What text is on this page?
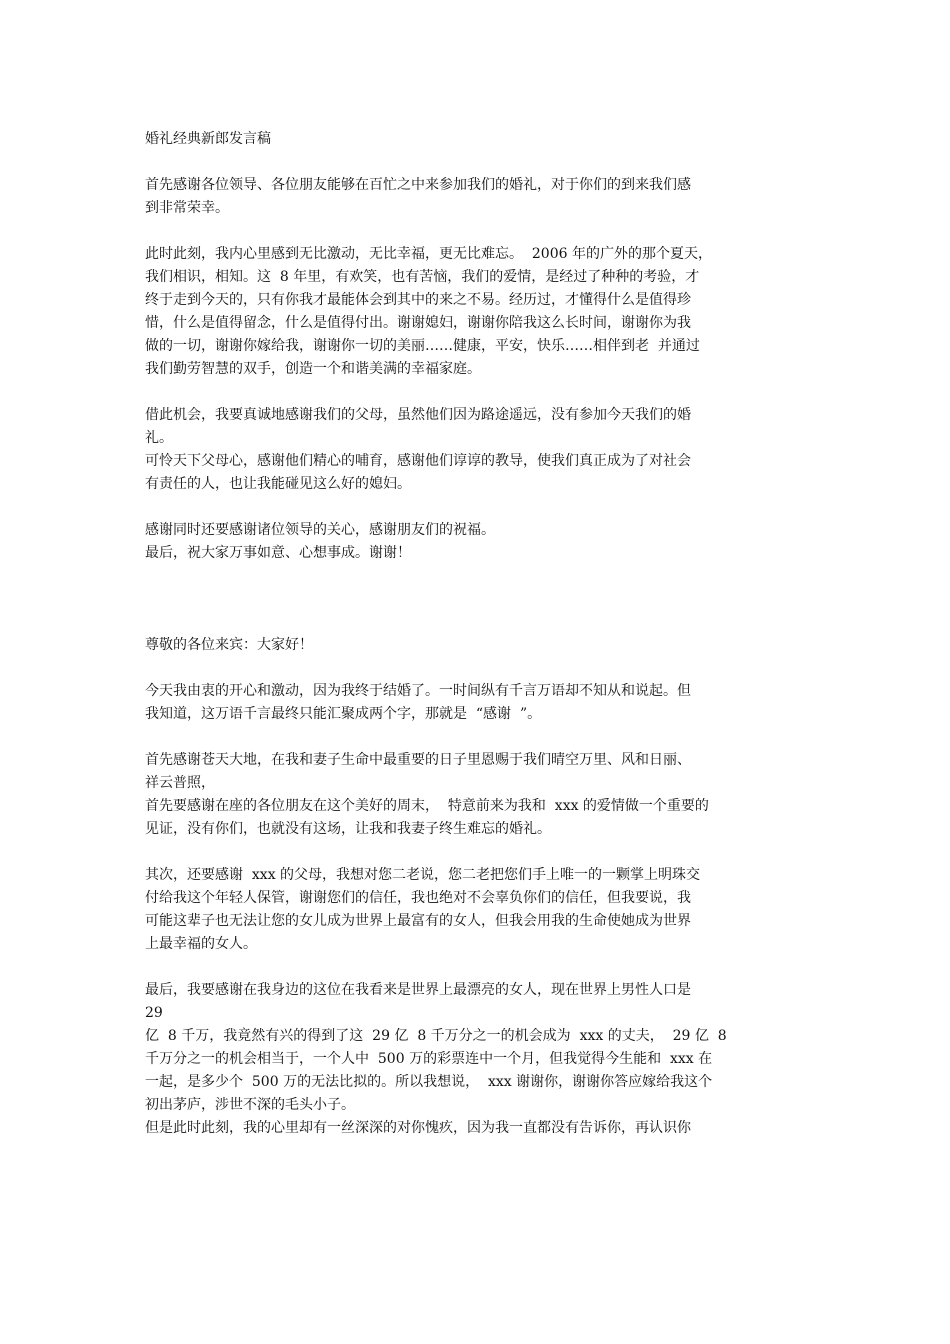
婚礼经典新郎发言稿
首先感谢各位领导、各位朋友能够在百忙之中来参加我们的婚礼，对于你们的到来我们感
到非常荣幸。
此时此刻，我内心里感到无比激动，无比幸福，更无比难忘。  2006 年的广外的那个夏天，
我们相识，相知。这  8 年里，有欢笑，也有苦恼，我们的爱情，是经过了种种的考验，才
终于走到今天的，只有你我才最能体会到其中的来之不易。经历过，才懂得什么是值得珍
惜，什么是值得留念，什么是值得付出。谢谢媳妇，谢谢你陪我这么长时间，谢谢你为我
做的一切，谢谢你嫁给我，谢谢你一切的美丽……健康，平安，快乐……相伴到老  并通过
我们勤劳智慧的双手，创造一个和谐美满的幸福家庭。
借此机会，我要真诚地感谢我们的父母，虽然他们因为路途遥远，没有参加今天我们的婚
礼。
可怜天下父母心，感谢他们精心的哺育，感谢他们谆谆的教导，使我们真正成为了对社会
有责任的人，也让我能碰见这么好的媳妇。
感谢同时还要感谢诸位领导的关心，感谢朋友们的祝福。
最后，祝大家万事如意、心想事成。谢谢！
尊敬的各位来宾：大家好！
今天我由衷的开心和激动，因为我终于结婚了。一时间纵有千言万语却不知从和说起。但
我知道，这万语千言最终只能汇聚成两个字，那就是  “感谢  ”。
首先感谢苍天大地，在我和妻子生命中最重要的日子里恩赐于我们晴空万里、风和日丽、
祥云普照，
首先要感谢在座的各位朋友在这个美好的周末，  特意前来为我和  xxx 的爱情做一个重要的
见证，没有你们，也就没有这场，让我和我妻子终生难忘的婚礼。
其次，还要感谢  xxx 的父母，我想对您二老说，您二老把您们手上唯一的一颗掌上明珠交
付给我这个年轻人保管，谢谢您们的信任，我也绝对不会辜负你们的信任，但我要说，我
可能这辈子也无法让您的女儿成为世界上最富有的女人，但我会用我的生命使她成为世界
上最幸福的女人。
最后，我要感谢在我身边的这位在我看来是世界上最漂亮的女人，现在世界上男性人口是
29
亿  8 千万，我竟然有兴的得到了这  29 亿  8 千万分之一的机会成为  xxx 的丈夫，  29 亿  8
千万分之一的机会相当于，一个人中  500 万的彩票连中一个月，但我觉得今生能和  xxx 在
一起，是多少个  500 万的无法比拟的。所以我想说，  xxx 谢谢你，谢谢你答应嫁给我这个
初出茅庐，涉世不深的毛头小子。
但是此时此刻，我的心里却有一丝深深的对你愧疚，因为我一直都没有告诉你，再认识你
